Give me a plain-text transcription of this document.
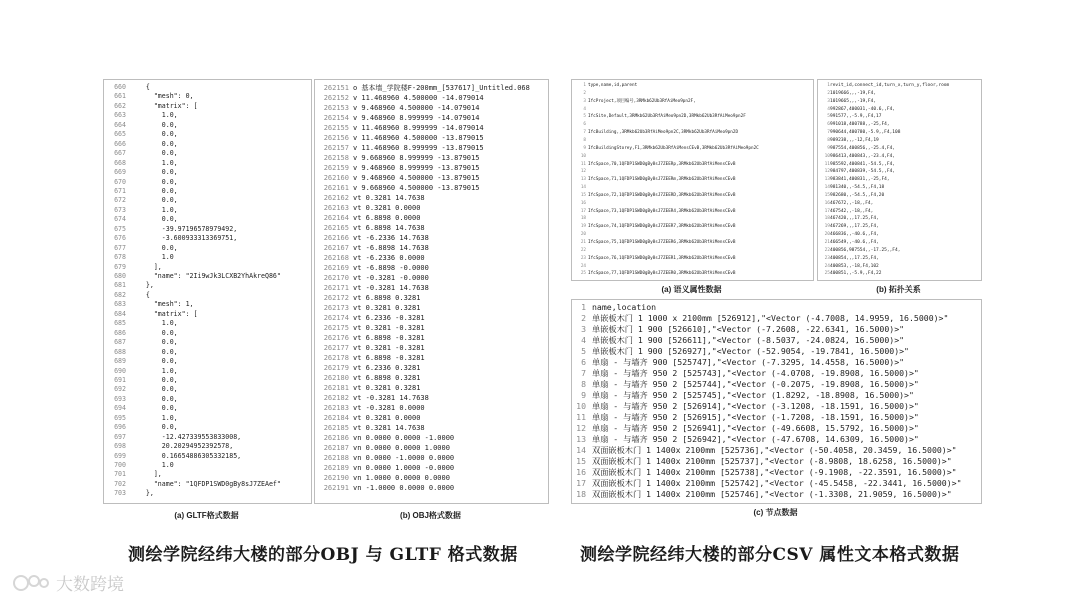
660 {
661 "mesh": 0,
662 "matrix": [
663 1.0,
664 0.0,
665 0.0,
666 0.0,
667 0.0,
668 1.0,
669 0.0,
670 0.0,
671 0.0,
672 0.0,
673 1.0,
674 0.0,
675 -39.97196578979492,
676 -3.600933313369751,
677 0.0,
678 1.0
679 ],
680 "name": "2Ii9wJk3LCXB2YhAkreQ86"
681 },
682 {
683 "mesh": 1,
684 "matrix": [
685 1.0,
686 0.0,
687 0.0,
688 0.0,
689 0.0,
690 1.0,
691 0.0,
692 0.0,
693 0.0,
694 0.0,
695 1.0,
696 0.0,
697 -12.427339553833008,
698 20.20294952392578,
699 0.16654886305332185,
700 1.0
701 ],
702 "name": "1QFDP1SWD0gBy8sJ7ZEAef"
703 },
(a) GLTF格式数据
262151 o 基本墙_学院楼F-200mm_[537617]_Untitled.068
262152 v 11.468960 4.500000 -14.079014
262153 v 9.468960 4.500000 -14.079014
262154 v 9.468960 8.999999 -14.079014
262155 v 11.468960 8.999999 -14.079014
262156 v 11.468960 4.500000 -13.879015
262157 v 11.468960 8.999999 -13.879015
262158 v 9.668960 8.999999 -13.879015
262159 v 9.468960 8.999999 -13.879015
262160 v 9.468960 4.500000 -13.879015
262161 v 9.668960 4.500000 -13.879015
262162 vt 0.3281 14.7638
262163 vt 0.3281 0.0000
262164 vt 6.8898 0.0000
262165 vt 6.8898 14.7638
262166 vt -6.2336 14.7638
262167 vt -6.8898 14.7638
262168 vt -6.2336 0.0000
262169 vt -6.8898 -0.0000
262170 vt -0.3281 -0.0000
262171 vt -0.3281 14.7638
262172 vt 6.8898 0.3281
262173 vt 0.3281 0.3281
262174 vt 6.2336 -0.3281
262175 vt 0.3281 -0.3281
262176 vt 6.8898 -0.3281
262177 vt 0.3281 -0.3281
262178 vt 6.8898 -0.3281
262179 vt 6.2336 0.3281
262180 vt 6.8898 0.3281
262181 vt 0.3281 0.3281
262182 vt -0.3281 14.7638
262183 vt -0.3281 0.0000
262184 vt 0.3281 0.0000
262185 vt 0.3281 14.7638
262186 vn 0.0000 0.0000 -1.0000
262187 vn 0.0000 0.0000 1.0000
262188 vn 0.0000 -1.0000 0.0000
262189 vn 0.0000 1.0000 -0.0000
262190 vn 1.0000 0.0000 0.0000
262191 vn -1.0000 0.0000 0.0000
(b) OBJ格式数据
1 type,name,id,parent
2
3 IfcProject,项目编号,3RMkb62Ub3RfAiMeo9pn2F,
4
5 IfcSite,Default,3RMkb62Ub3RfAiMeo9pn2D,3RMkb62Ub3RfAiMeo9pn2F
6
7 IfcBuilding,,3RMkb62Ub3RfAiMeo9pn2C,3RMkb62Ub3RfAiMeo9pn2D
8
9 IfcBuildingStorey,F1,3RMkb62Ub3RfAiMensCEvB,3RMkb62Ub3RfAiMeo9pn2C
10
11 IfcSpace,70,1QFDP1SWD0gBy8sJ7ZEERp,3RMkb62Ub3RfAiMensCEvB
12
13 IfcSpace,71,1QFDP1SWD0gBy8sJ7ZEERm,3RMkb62Ub3RfAiMensCEvB
14
15 IfcSpace,72,1QFDP1SWD0gBy8sJ7ZEERD,3RMkb62Ub3RfAiMensCEvB
16
17 IfcSpace,73,1QFDP1SWD0gBy8sJ7ZEER4,3RMkb62Ub3RfAiMensCEvB
18
19 IfcSpace,74,1QFDP1SWD0gBy8sJ7ZEER7,3RMkb62Ub3RfAiMensCEvB
20
21 IfcSpace,75,1QFDP1SWD0gBy8sJ7ZEER6,3RMkb62Ub3RfAiMensCEvB
22
23 IfcSpace,76,1QFDP1SWD0gBy8sJ7ZEER1,3RMkb62Ub3RfAiMensCEvB
24
25 IfcSpace,77,1QFDP1SWD0gBy8sJ7ZEER0,3RMkb62Ub3RfAiMensCEvB
(a) 语义属性数据
1 revit_id,connect_id,turn_x,turn_y,floor,room
2 1019666,,,-19,F4,
3 1019665,,,-19,F4,
4 992867,400031,-40.6,,F4,
5 991577,,-5.9,,F4,17
6 991018,400788,,-25,F4,
7 990644,400780,-5.9,,F4,108
8 989238,,,-12,F4,19
9 987554,400856,,-25.4,F4,
10 986413,400843,,-23.4,F4,
11 985592,400841,-54.5,,F4,
12 984797,400839,-54.5,,F4,
13 983841,400831,,-25,F4,
14 981340,,-54.5,,F4,18
15 982680,,-54.5,,F4,20
16 467672,,-18,,F4,
17 467542,,-18,,F4,
18 467420,,,17.25,F4,
19 467269,,,17.25,F4,
20 466836,,-40.6,,F4,
21 466549,,-40.6,,F4,
22 400856,987554,,-17.25,,F4,
23 400854,,,17.25,F4,
24 400853,,-18,F4,102
25 400851,,-5.9,,F4,22
(b) 拓扑关系
1 name,location
2 单嵌板木门 1 1000 x 2100mm [526912],"<Vector (-4.7008, 14.9959, 16.5000)>"
3 单嵌板木门 1 900 [526610],"<Vector (-7.2608, -22.6341, 16.5000)>"
4 单嵌板木门 1 900 [526611],"<Vector (-8.5037, -24.0824, 16.5000)>"
5 单嵌板木门 1 900 [526927],"<Vector (-52.9054, -19.7841, 16.5000)>"
6 单扇 - 与墙齐 900 [525747],"<Vector (-7.3295, 14.4558, 16.5000)>"
7 单扇 - 与墙齐 950 2 [525743],"<Vector (-4.0708, -19.8908, 16.5000)>"
8 单扇 - 与墙齐 950 2 [525744],"<Vector (-0.2075, -19.8908, 16.5000)>"
9 单扇 - 与墙齐 950 2 [525745],"<Vector (1.8292, -18.8908, 16.5000)>"
10 单扇 - 与墙齐 950 2 [526914],"<Vector (-3.1208, -18.1591, 16.5000)>"
11 单扇 - 与墙齐 950 2 [526915],"<Vector (-1.7208, -18.1591, 16.5000)>"
12 单扇 - 与墙齐 950 2 [526941],"<Vector (-49.6608, 15.5792, 16.5000)>"
13 单扇 - 与墙齐 950 2 [526942],"<Vector (-47.6708, 14.6309, 16.5000)>"
14 双面嵌板木门 1 1400x 2100mm [525736],"<Vector (-50.4058, 20.3459, 16.5000)>"
15 双面嵌板木门 1 1400x 2100mm [525737],"<Vector (-8.9808, 18.6258, 16.5000)>"
16 双面嵌板木门 1 1400x 2100mm [525738],"<Vector (-9.1908, -22.3591, 16.5000)>"
17 双面嵌板木门 1 1400x 2100mm [525742],"<Vector (-45.5458, -22.3441, 16.5000)>"
18 双面嵌板木门 1 1400x 2100mm [525746],"<Vector (-1.3308, 21.9059, 16.5000)>"
(c) 节点数据
测绘学院经纬大楼的部分OBJ 与 GLTF 格式数据	测绘学院经纬大楼的部分CSV 属性文本格式数据
大数跨境
